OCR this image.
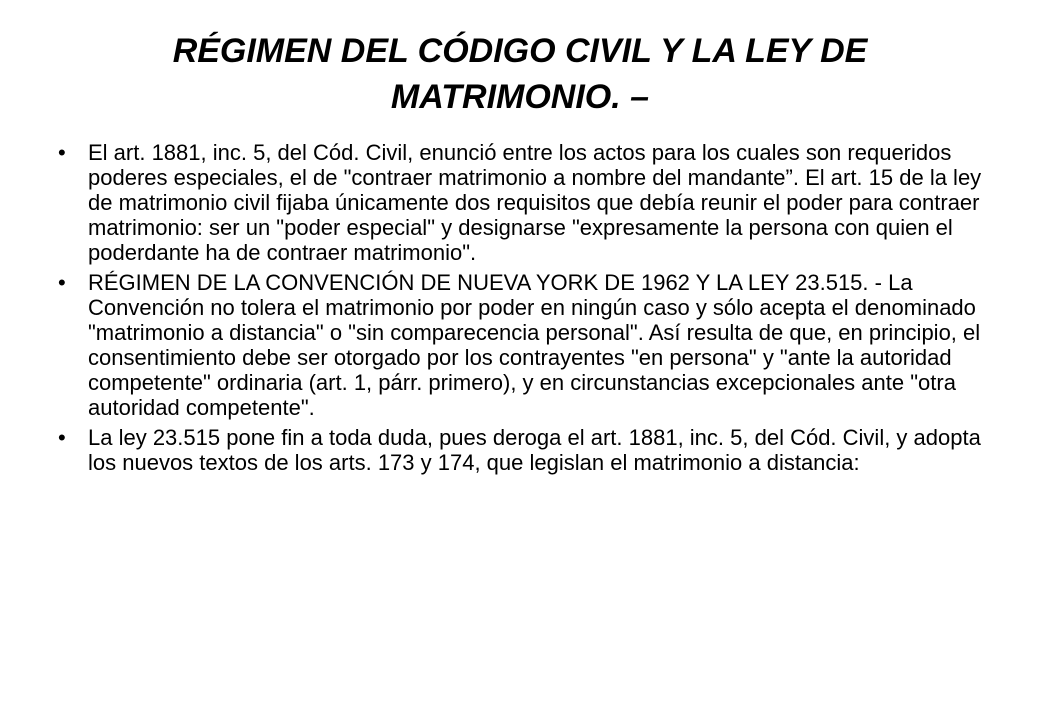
RÉGIMEN DEL CÓDIGO CIVIL Y LA LEY DE MATRIMONIO. –
•	El art. 1881, inc. 5, del Cód. Civil, enunció entre los actos para los cuales son requeridos poderes especiales, el de "contraer matrimonio a nombre del mandante”. El art. 15 de la ley de matrimonio civil fijaba únicamente dos requisitos que debía reunir el poder para contraer matrimonio: ser un "poder especial" y designarse "expresamente la persona con quien el poderdante ha de contraer matrimonio".
•	RÉGIMEN DE LA CONVENCIÓN DE NUEVA YORK DE 1962 Y LA LEY 23.515. - La Convención no tolera el matrimonio por poder en ningún caso y sólo acepta el denominado "matrimonio a distancia" o "sin comparecencia personal". Así resulta de que, en principio, el consentimiento debe ser otorgado por los contrayentes "en persona" y "ante la autoridad competente" ordinaria (art. 1, párr. primero), y en circunstancias excepcionales ante "otra autoridad competente".
•	La ley 23.515 pone fin a toda duda, pues deroga el art. 1881, inc. 5, del Cód. Civil, y adopta los nuevos textos de los arts. 173 y 174, que legislan el matrimonio a distancia:
